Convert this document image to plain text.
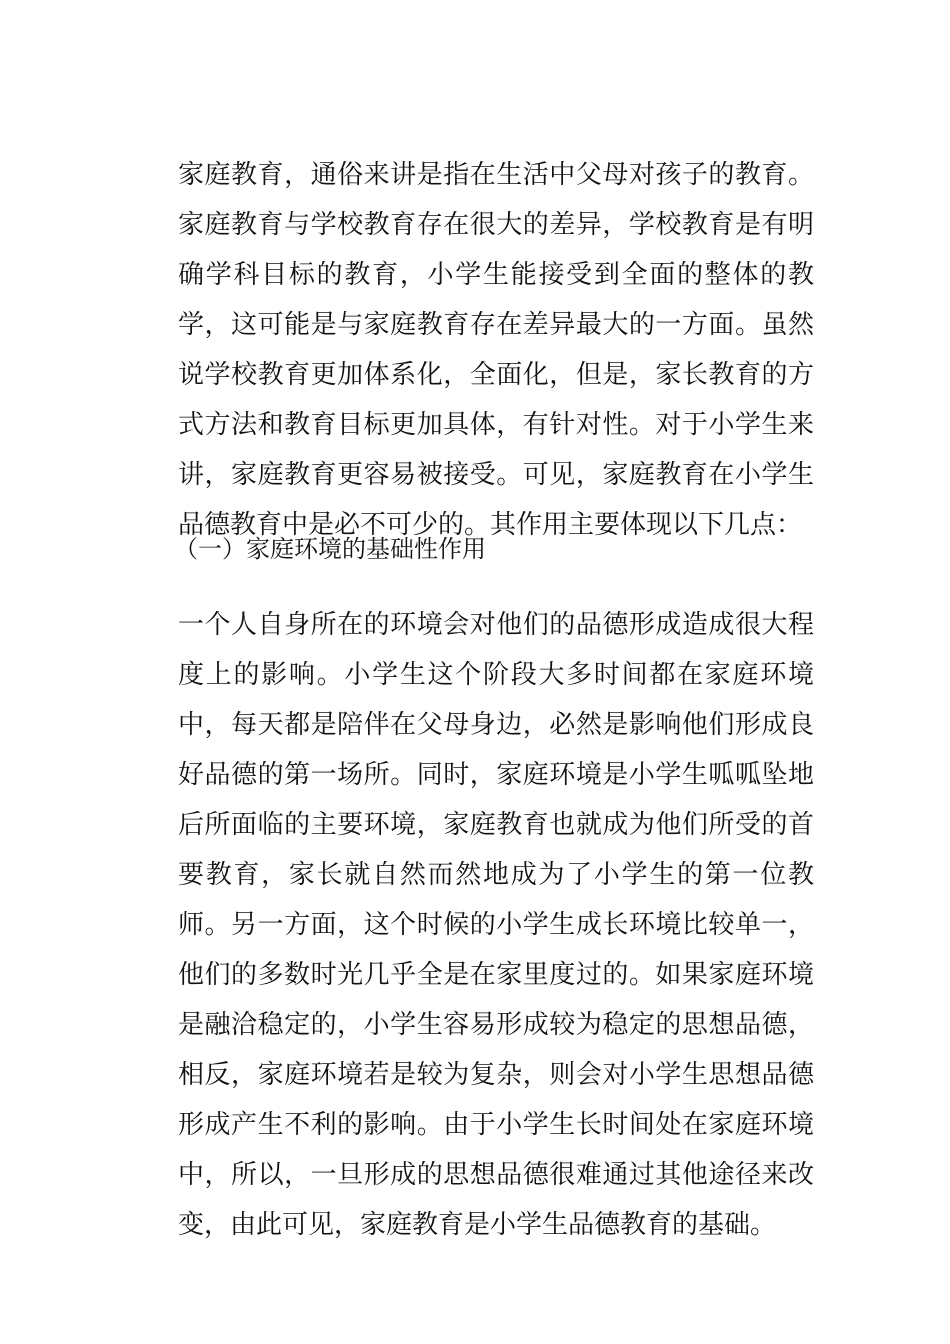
家庭教育，通俗来讲是指在生活中父母对孩子的教育。家庭教育与学校教育存在很大的差异，学校教育是有明确学科目标的教育，小学生能接受到全面的整体的教学，这可能是与家庭教育存在差异最大的一方面。虽然说学校教育更加体系化，全面化，但是，家长教育的方式方法和教育目标更加具体，有针对性。对于小学生来讲，家庭教育更容易被接受。可见，家庭教育在小学生品德教育中是必不可少的。其作用主要体现以下几点：

（一）家庭环境的基础性作用

一个人自身所在的环境会对他们的品德形成造成很大程度上的影响。小学生这个阶段大多时间都在家庭环境中，每天都是陪伴在父母身边，必然是影响他们形成良好品德的第一场所。同时，家庭环境是小学生呱呱坠地后所面临的主要环境，家庭教育也就成为他们所受的首要教育，家长就自然而然地成为了小学生的第一位教师。另一方面，这个时候的小学生成长环境比较单一，他们的多数时光几乎全是在家里度过的。如果家庭环境是融洽稳定的，小学生容易形成较为稳定的思想品德，相反，家庭环境若是较为复杂，则会对小学生思想品德形成产生不利的影响。由于小学生长时间处在家庭环境中，所以，一旦形成的思想品德很难通过其他途径来改变，由此可见，家庭教育是小学生品德教育的基础。
